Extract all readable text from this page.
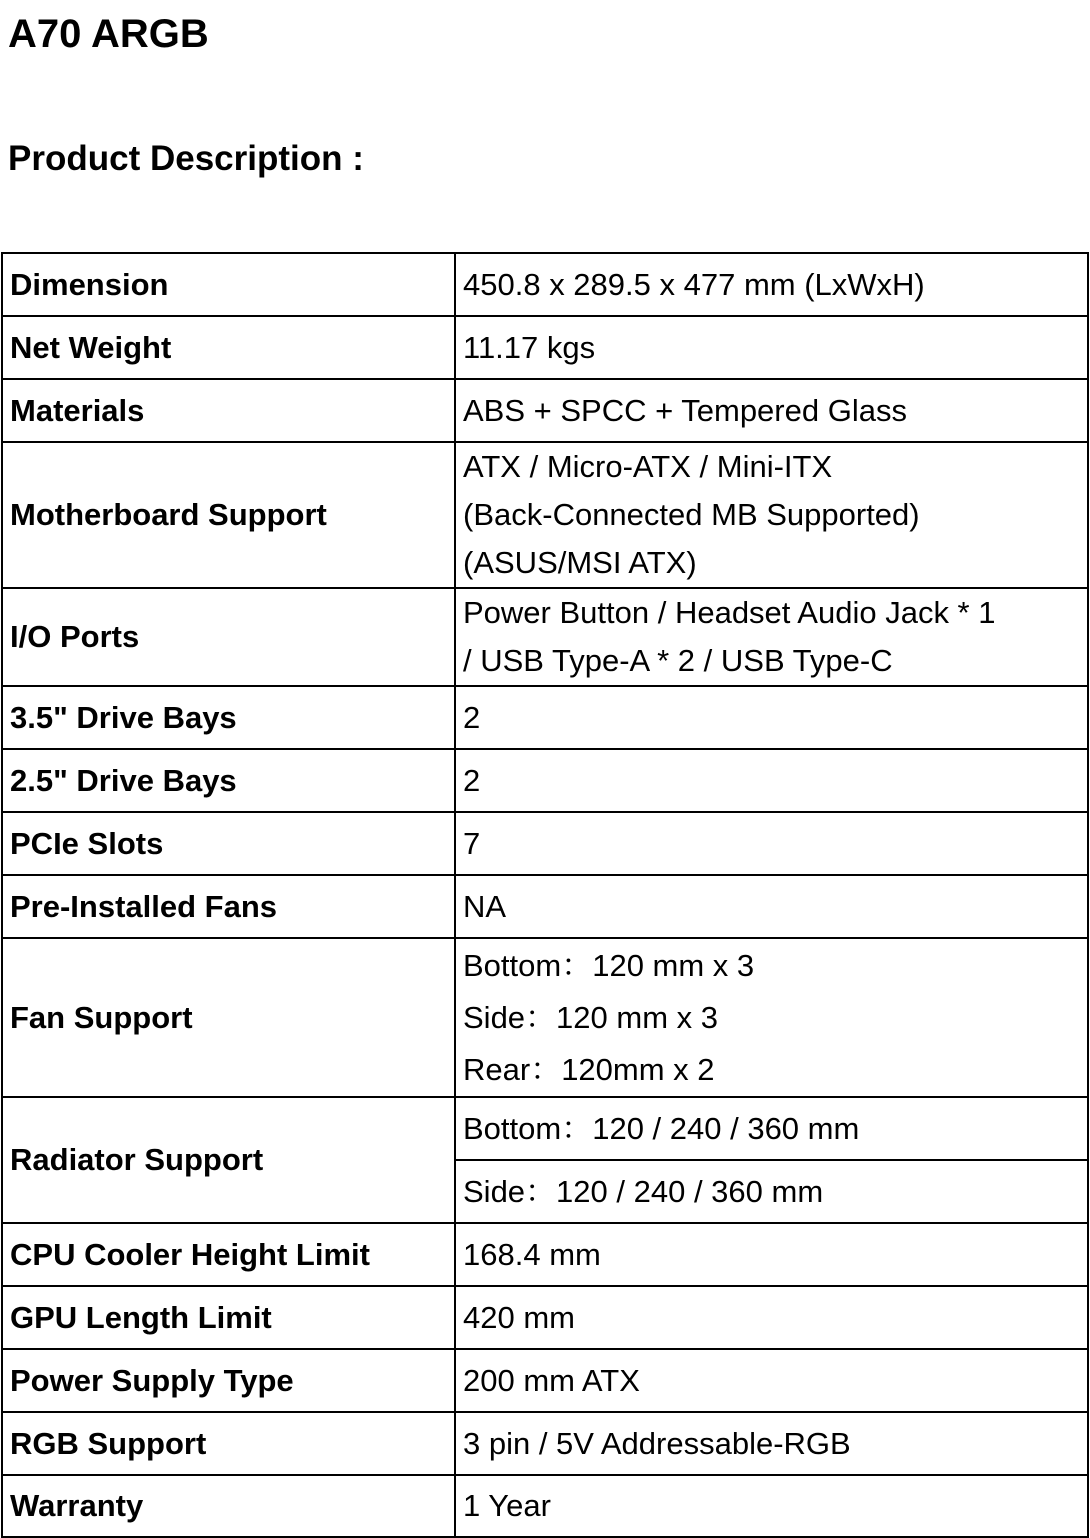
A70 ARGB
Product Description :
Dimension	450.8 x 289.5 x 477 mm (LxWxH)
Net Weight	11.17 kgs
Materials	ABS + SPCC + Tempered Glass
Motherboard Support	ATX / Micro-ATX / Mini-ITX
(Back-Connected MB Supported)
(ASUS/MSI ATX)

I/O Ports	Power Button / Headset Audio Jack * 1
/ USB Type-A * 2 / USB Type-C

3.5" Drive Bays	2
2.5" Drive Bays	2
PCIe Slots	7
Pre-Installed Fans	NA
Fan Support	Bottom：120 mm x 3
Side：120 mm x 3
Rear：120mm x 2

Radiator Support	Bottom：120 / 240 / 360 mm
	Side：120 / 240 / 360 mm
CPU Cooler Height Limit	168.4 mm
GPU Length Limit	420 mm
Power Supply Type	200 mm ATX
RGB Support	3 pin / 5V Addressable-RGB
Warranty	1 Year
